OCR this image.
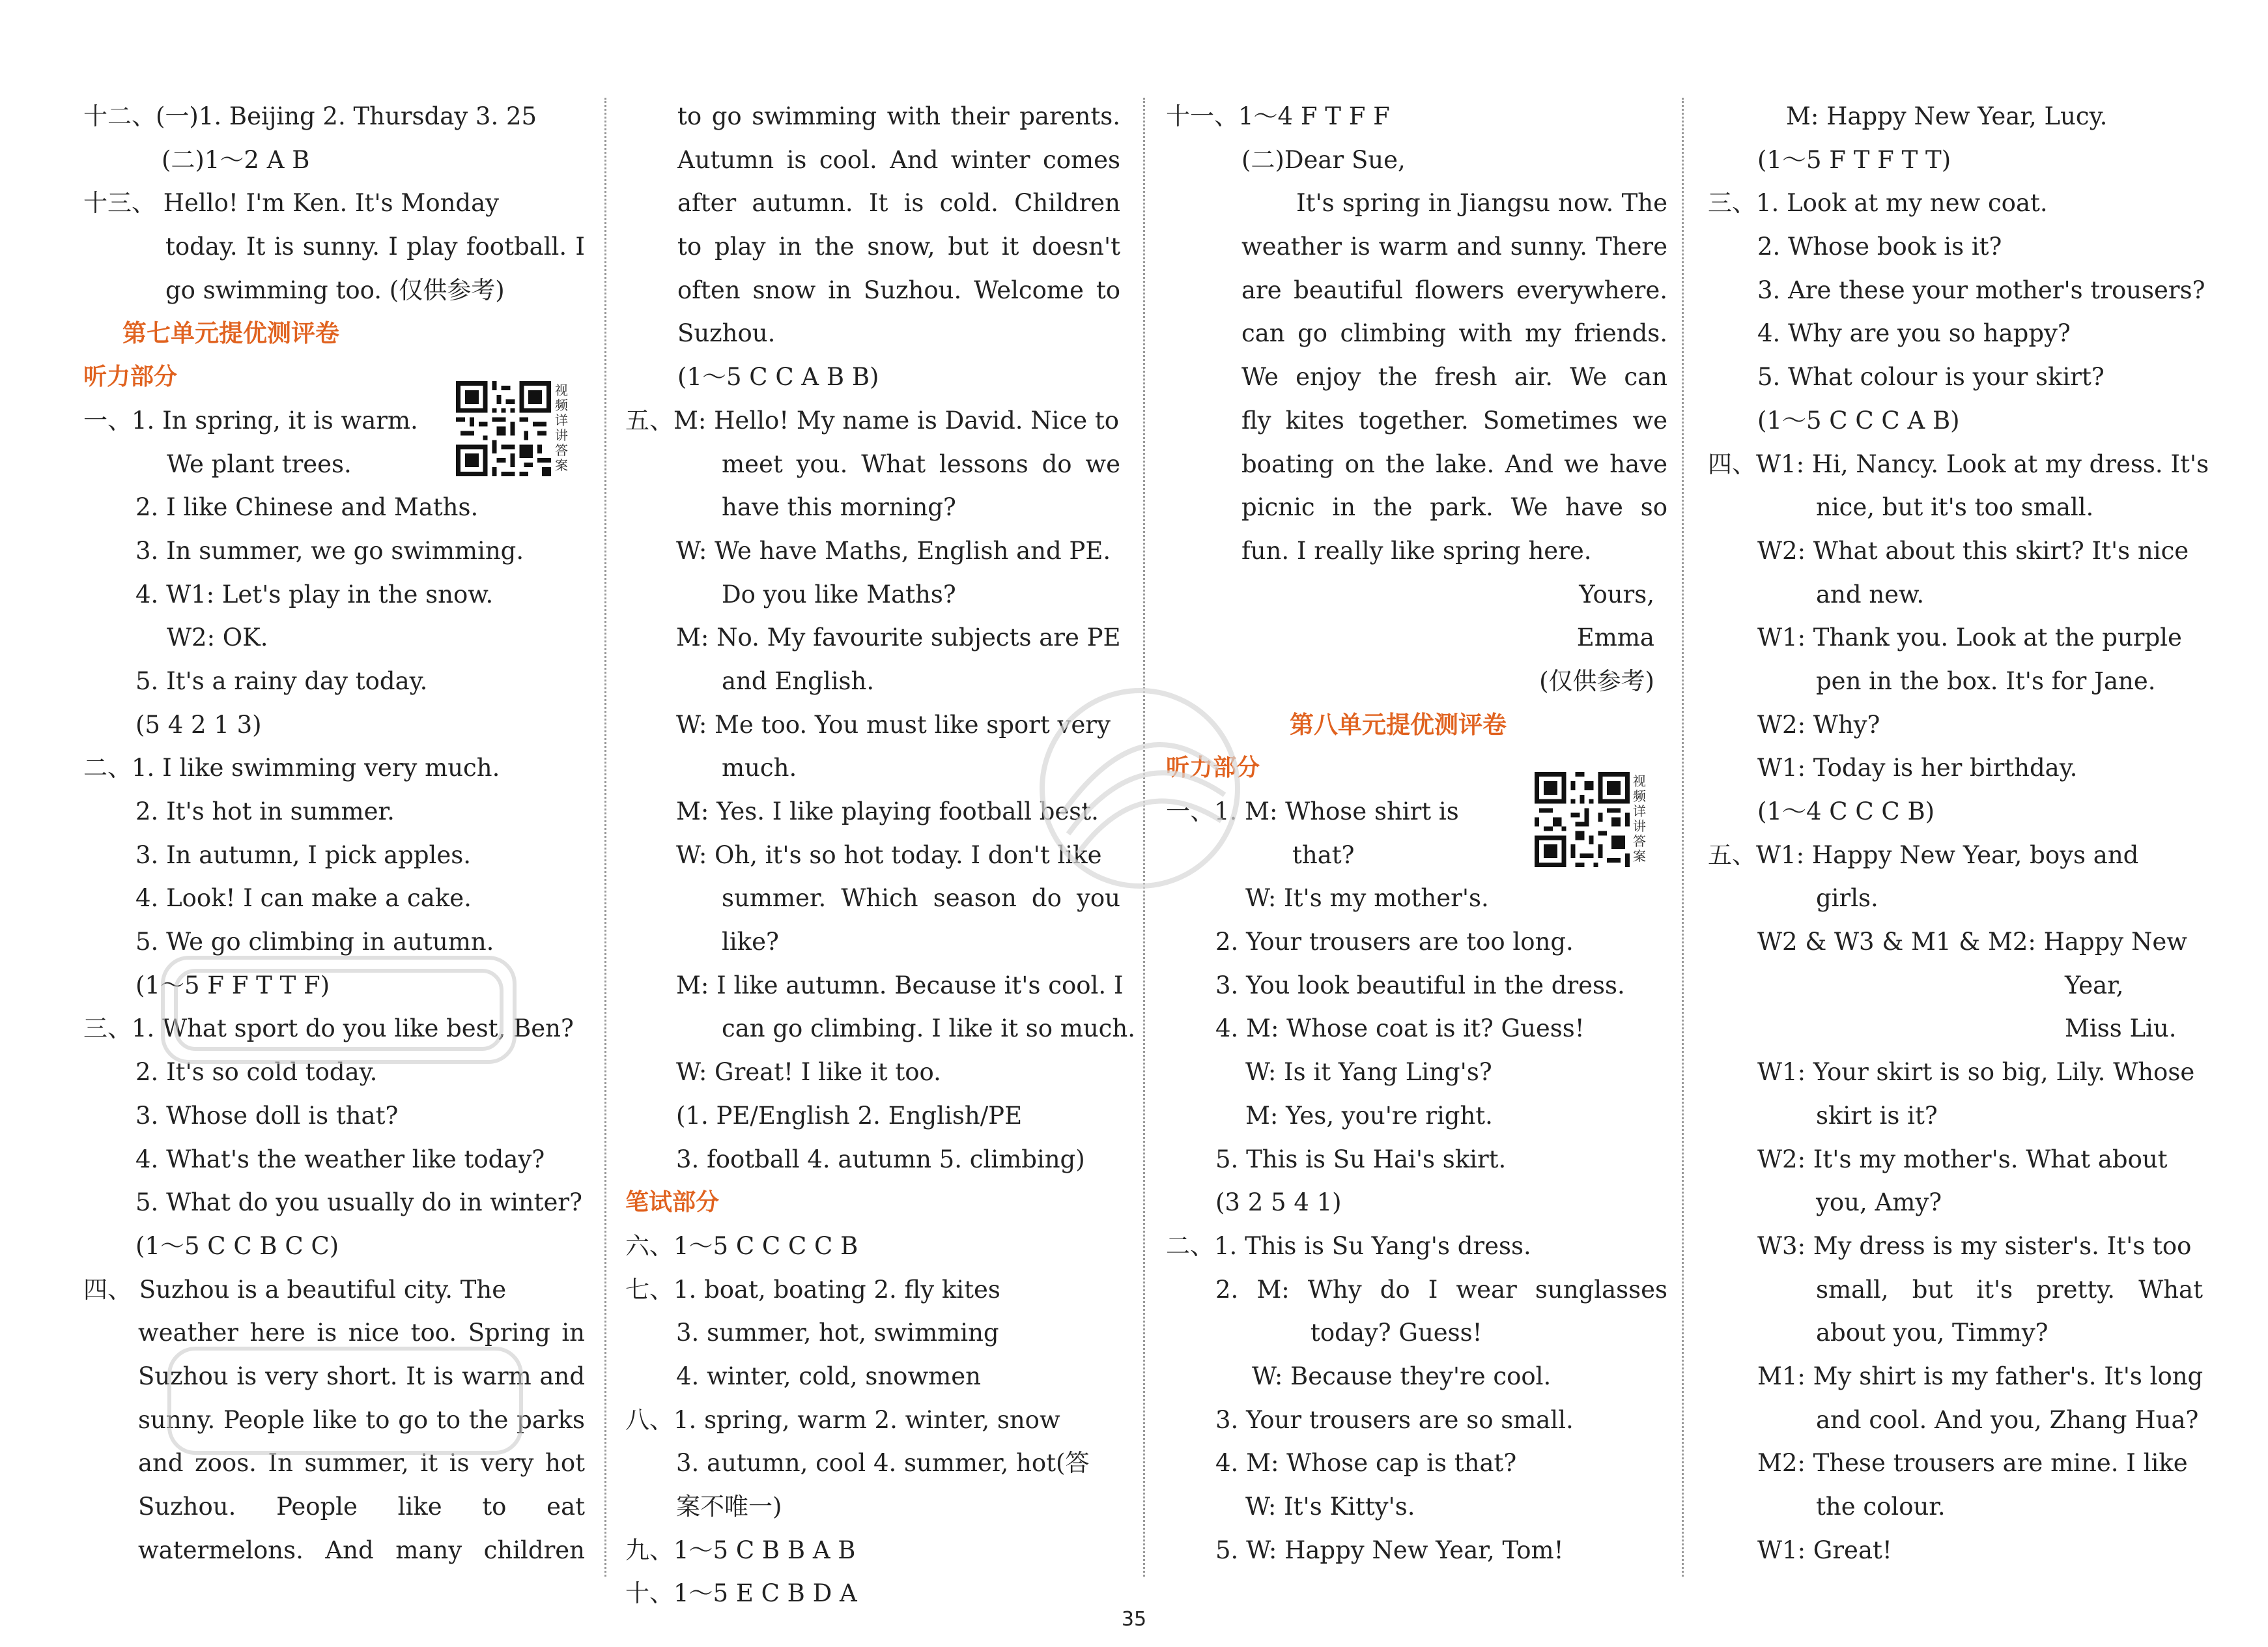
十二、(一)1. Beijing 2. Thursday 3. 25
(二)1～2 A B
十三、 Hello! I'm Ken. It's Monday
today. It is sunny. I play football. I
go swimming too. (仅供参考)
第七单元提优测评卷
听力部分
一、1. In spring, it is warm.
We plant trees.
2. I like Chinese and Maths.
3. In summer, we go swimming.
4. W1: Let's play in the snow.
W2: OK.
5. It's a rainy day today.
(5 4 2 1 3)
二、1. I like swimming very much.
2. It's hot in summer.
3. In autumn, I pick apples.
4. Look! I can make a cake.
5. We go climbing in autumn.
(1～5 F F T T F)
三、1. What sport do you like best, Ben?
2. It's so cold today.
3. Whose doll is that?
4. What's the weather like today?
5. What do you usually do in winter?
(1～5 C C B C C)
四、 Suzhou is a beautiful city. The
weather here is nice too. Spring in
Suzhou is very short. It is warm and
sunny. People like to go to the parks
and zoos. In summer, it is very hot
Suzhou. People like to eat
watermelons. And many children
视频详讲答案
to go swimming with their parents.
Autumn is cool. And winter comes
after autumn. It is cold. Children
to play in the snow, but it doesn't
often snow in Suzhou. Welcome to
Suzhou.
(1～5 C C A B B)
五、M: Hello! My name is David. Nice to
meet you. What lessons do we
have this morning?
W: We have Maths, English and PE.
Do you like Maths?
M: No. My favourite subjects are PE
and English.
W: Me too. You must like sport very
much.
M: Yes. I like playing football best.
W: Oh, it's so hot today. I don't like
summer. Which season do you
like?
M: I like autumn. Because it's cool. I
can go climbing. I like it so much.
W: Great! I like it too.
(1. PE/English 2. English/PE
3. football 4. autumn 5. climbing)
笔试部分
六、1～5 C C C C B
七、1. boat, boating 2. fly kites
3. summer, hot, swimming
4. winter, cold, snowmen
八、1. spring, warm 2. winter, snow
3. autumn, cool 4. summer, hot(答
案不唯一)
九、1～5 C B B A B
十、1～5 E C B D A
十一、1～4 F T F F
(二)Dear Sue,
It's spring in Jiangsu now. The
weather is warm and sunny. There
are beautiful flowers everywhere.
can go climbing with my friends.
We enjoy the fresh air. We can
fly kites together. Sometimes we
boating on the lake. And we have
picnic in the park. We have so
fun. I really like spring here.
Yours,
Emma
(仅供参考)
第八单元提优测评卷
听力部分
一、1. M: Whose shirt is
that?
W: It's my mother's.
2. Your trousers are too long.
3. You look beautiful in the dress.
4. M: Whose coat is it? Guess!
W: Is it Yang Ling's?
M: Yes, you're right.
5. This is Su Hai's skirt.
(3 2 5 4 1)
二、1. This is Su Yang's dress.
2. M: Why do I wear sunglasses
today? Guess!
W: Because they're cool.
3. Your trousers are so small.
4. M: Whose cap is that?
W: It's Kitty's.
5. W: Happy New Year, Tom!
视频详讲答案
M: Happy New Year, Lucy.
(1～5 F T F T T)
三、1. Look at my new coat.
2. Whose book is it?
3. Are these your mother's trousers?
4. Why are you so happy?
5. What colour is your skirt?
(1～5 C C C A B)
四、W1: Hi, Nancy. Look at my dress. It's
nice, but it's too small.
W2: What about this skirt? It's nice
and new.
W1: Thank you. Look at the purple
pen in the box. It's for Jane.
W2: Why?
W1: Today is her birthday.
(1～4 C C C B)
五、W1: Happy New Year, boys and
girls.
W2 & W3 & M1 & M2: Happy New
Year,
Miss Liu.
W1: Your skirt is so big, Lily. Whose
skirt is it?
W2: It's my mother's. What about
you, Amy?
W3: My dress is my sister's. It's too
small, but it's pretty. What
about you, Timmy?
M1: My shirt is my father's. It's long
and cool. And you, Zhang Hua?
M2: These trousers are mine. I like
the colour.
W1: Great!
35
